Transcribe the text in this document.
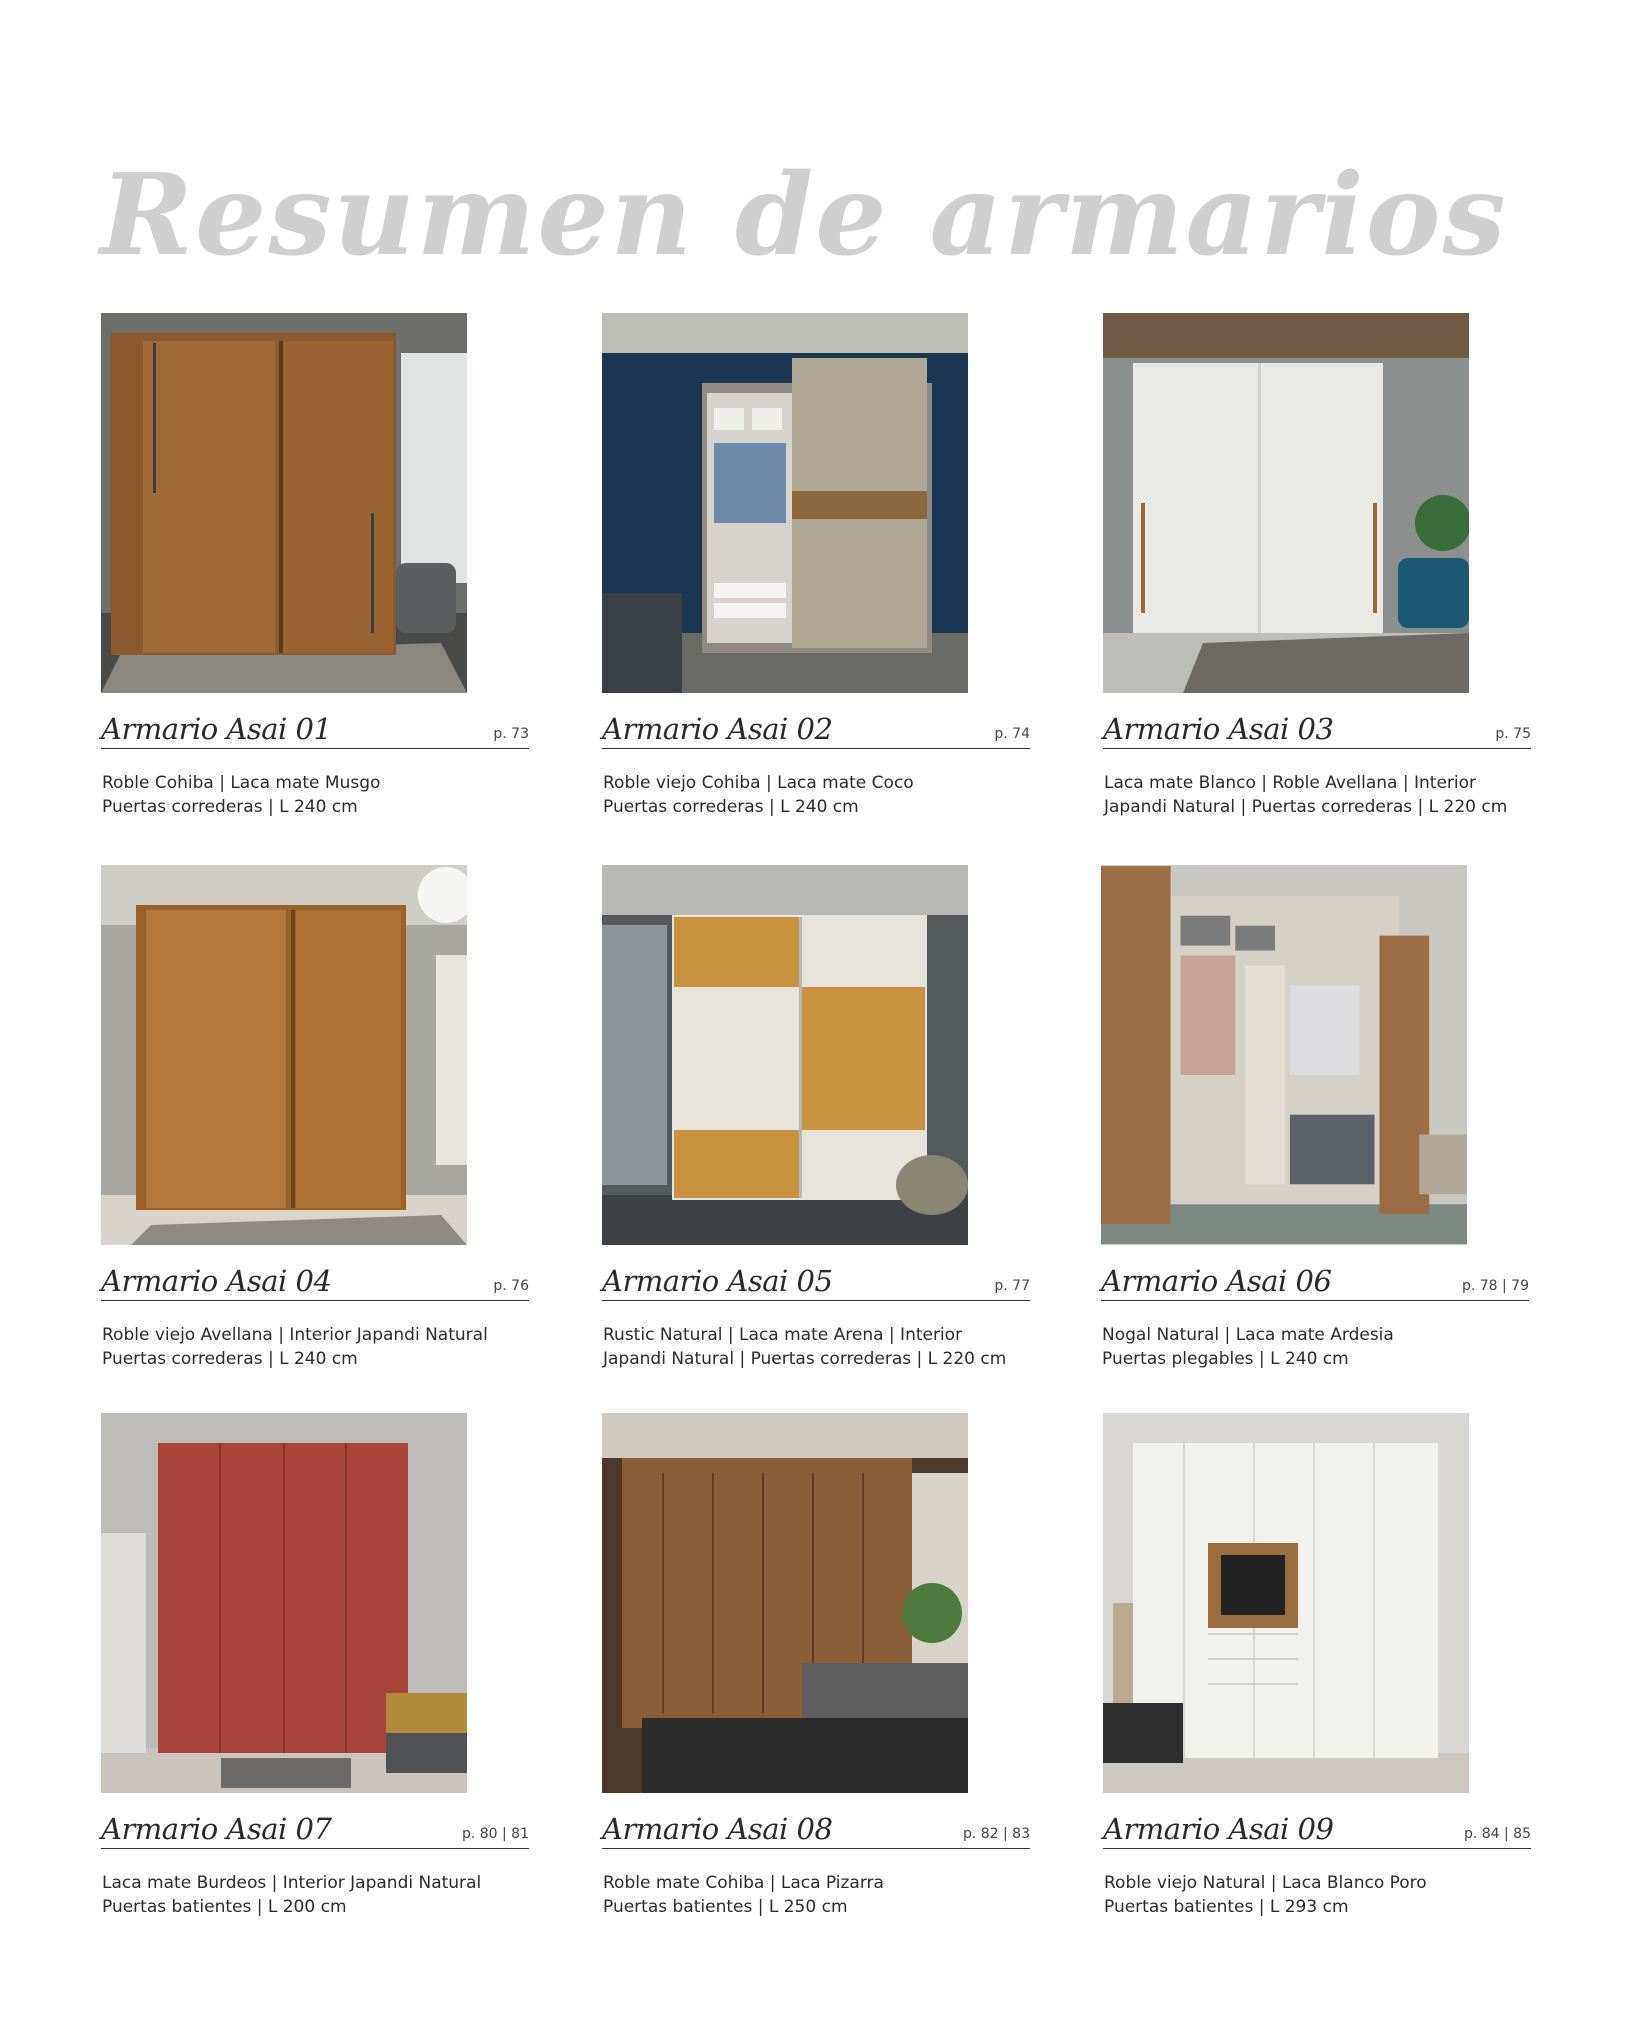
Resumen de armarios
Armario Asai 01	p. 73
Roble Cohiba | Laca mate Musgo
Puertas correderas | L 240 cm
Armario Asai 02	p. 74
Roble viejo Cohiba | Laca mate Coco
Puertas correderas | L 240 cm
Armario Asai 03	p. 75
Laca mate Blanco | Roble Avellana | Interior
Japandi Natural | Puertas correderas | L 220 cm
Armario Asai 04	p. 76
Roble viejo Avellana | Interior Japandi Natural
Puertas correderas | L 240 cm
Armario Asai 05	p. 77
Rustic Natural | Laca mate Arena | Interior
Japandi Natural | Puertas correderas | L 220 cm
Armario Asai 06	p. 78 | 79
Nogal Natural | Laca mate Ardesia
Puertas plegables | L 240 cm
Armario Asai 07	p. 80 | 81
Laca mate Burdeos | Interior Japandi Natural
Puertas batientes | L 200 cm
Armario Asai 08	p. 82 | 83
Roble mate Cohiba | Laca Pizarra
Puertas batientes | L 250 cm
Armario Asai 09	p. 84 | 85
Roble viejo Natural | Laca Blanco Poro
Puertas batientes | L 293 cm
